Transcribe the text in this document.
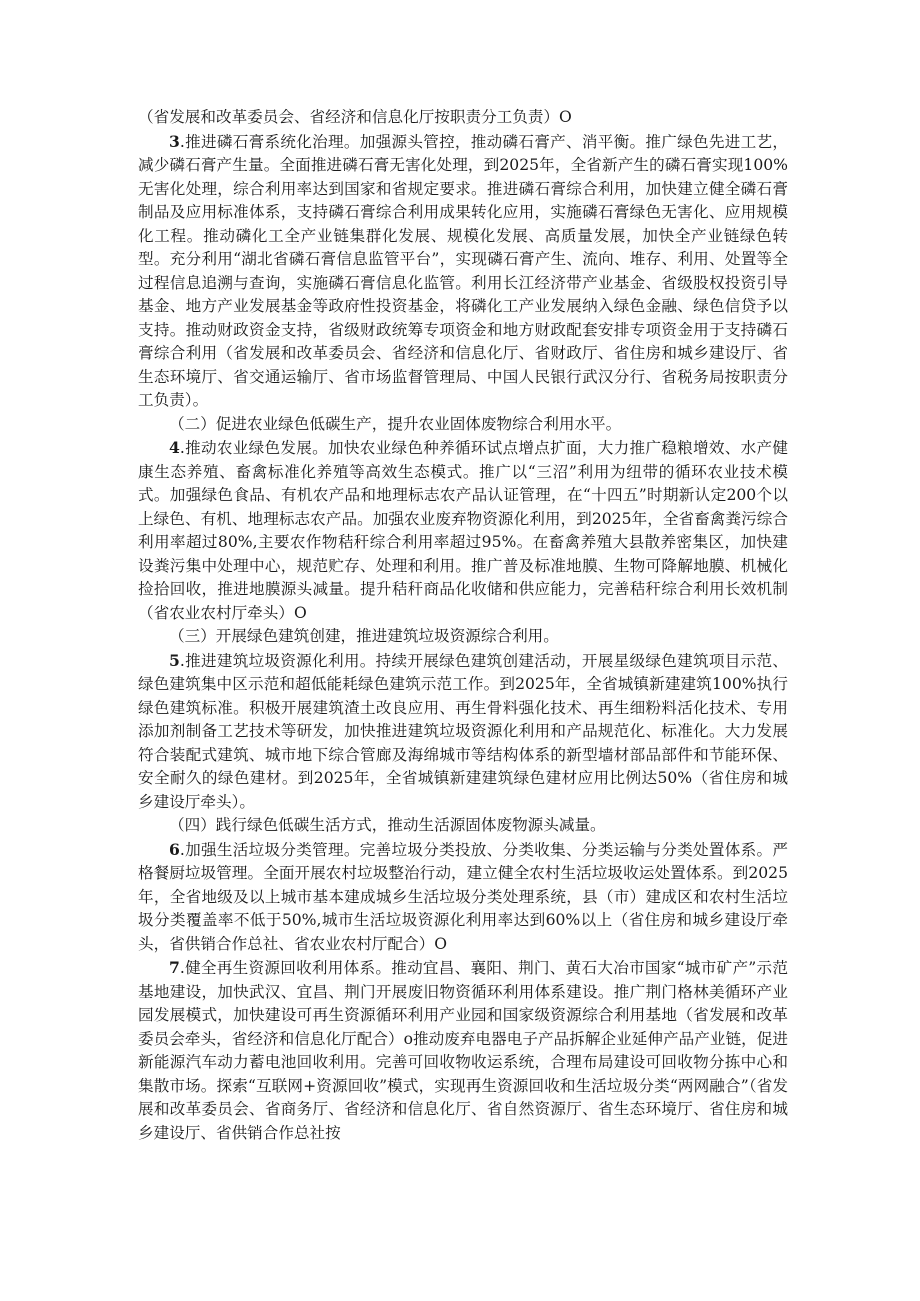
（省发展和改革委员会、省经济和信息化厅按职责分工负责）O

3.推进磷石膏系统化治理。加强源头管控，推动磷石膏产、消平衡。推广绿色先进工艺，减少磷石膏产生量。全面推进磷石膏无害化处理，到2025年，全省新产生的磷石膏实现100%无害化处理，综合利用率达到国家和省规定要求。推进磷石膏综合利用，加快建立健全磷石膏制品及应用标准体系，支持磷石膏综合利用成果转化应用，实施磷石膏绿色无害化、应用规模化工程。推动磷化工全产业链集群化发展、规模化发展、高质量发展，加快全产业链绿色转型。充分利用“湖北省磷石膏信息监管平台”，实现磷石膏产生、流向、堆存、利用、处置等全过程信息追溯与查询，实施磷石膏信息化监管。利用长江经济带产业基金、省级股权投资引导基金、地方产业发展基金等政府性投资基金，将磷化工产业发展纳入绿色金融、绿色信贷予以支持。推动财政资金支持，省级财政统筹专项资金和地方财政配套安排专项资金用于支持磷石膏综合利用（省发展和改革委员会、省经济和信息化厅、省财政厅、省住房和城乡建设厅、省生态环境厅、省交通运输厅、省市场监督管理局、中国人民银行武汉分行、省税务局按职责分工负责）。

（二）促进农业绿色低碳生产，提升农业固体废物综合利用水平。

4.推动农业绿色发展。加快农业绿色种养循环试点增点扩面，大力推广稳粮增效、水产健康生态养殖、畜禽标准化养殖等高效生态模式。推广以“三沼”利用为纽带的循环农业技术模式。加强绿色食品、有机农产品和地理标志农产品认证管理，在“十四五”时期新认定200个以上绿色、有机、地理标志农产品。加强农业废弃物资源化利用，到2025年，全省畜禽粪污综合利用率超过80%,主要农作物秸秆综合利用率超过95%。在畜禽养殖大县散养密集区，加快建设粪污集中处理中心，规范贮存、处理和利用。推广普及标准地膜、生物可降解地膜、机械化捡拾回收，推进地膜源头减量。提升秸秆商品化收储和供应能力，完善秸秆综合利用长效机制（省农业农村厅牵头）O

（三）开展绿色建筑创建，推进建筑垃圾资源综合利用。

5.推进建筑垃圾资源化利用。持续开展绿色建筑创建活动，开展星级绿色建筑项目示范、绿色建筑集中区示范和超低能耗绿色建筑示范工作。到2025年，全省城镇新建建筑100%执行绿色建筑标准。积极开展建筑渣土改良应用、再生骨料强化技术、再生细粉料活化技术、专用添加剂制备工艺技术等研发，加快推进建筑垃圾资源化利用和产品规范化、标准化。大力发展符合装配式建筑、城市地下综合管廊及海绵城市等结构体系的新型墙材部品部件和节能环保、安全耐久的绿色建材。到2025年，全省城镇新建建筑绿色建材应用比例达50%（省住房和城乡建设厅牵头）。

（四）践行绿色低碳生活方式，推动生活源固体废物源头减量。

6.加强生活垃圾分类管理。完善垃圾分类投放、分类收集、分类运输与分类处置体系。严格餐厨垃圾管理。全面开展农村垃圾整治行动，建立健全农村生活垃圾收运处置体系。到2025年，全省地级及以上城市基本建成城乡生活垃圾分类处理系统，县（市）建成区和农村生活垃圾分类覆盖率不低于50%,城市生活垃圾资源化利用率达到60%以上（省住房和城乡建设厅牵头，省供销合作总社、省农业农村厅配合）O

7.健全再生资源回收利用体系。推动宜昌、襄阳、荆门、黄石大冶市国家“城市矿产”示范基地建设，加快武汉、宜昌、荆门开展废旧物资循环利用体系建设。推广荆门格林美循环产业园发展模式，加快建设可再生资源循环利用产业园和国家级资源综合利用基地（省发展和改革委员会牵头，省经济和信息化厅配合）o推动废弃电器电子产品拆解企业延伸产品产业链，促进新能源汽车动力蓄电池回收利用。完善可回收物收运系统，合理布局建设可回收物分拣中心和集散市场。探索“互联网+资源回收”模式，实现再生资源回收和生活垃圾分类“两网融合”（省发展和改革委员会、省商务厅、省经济和信息化厅、省自然资源厅、省生态环境厅、省住房和城乡建设厅、省供销合作总社按
